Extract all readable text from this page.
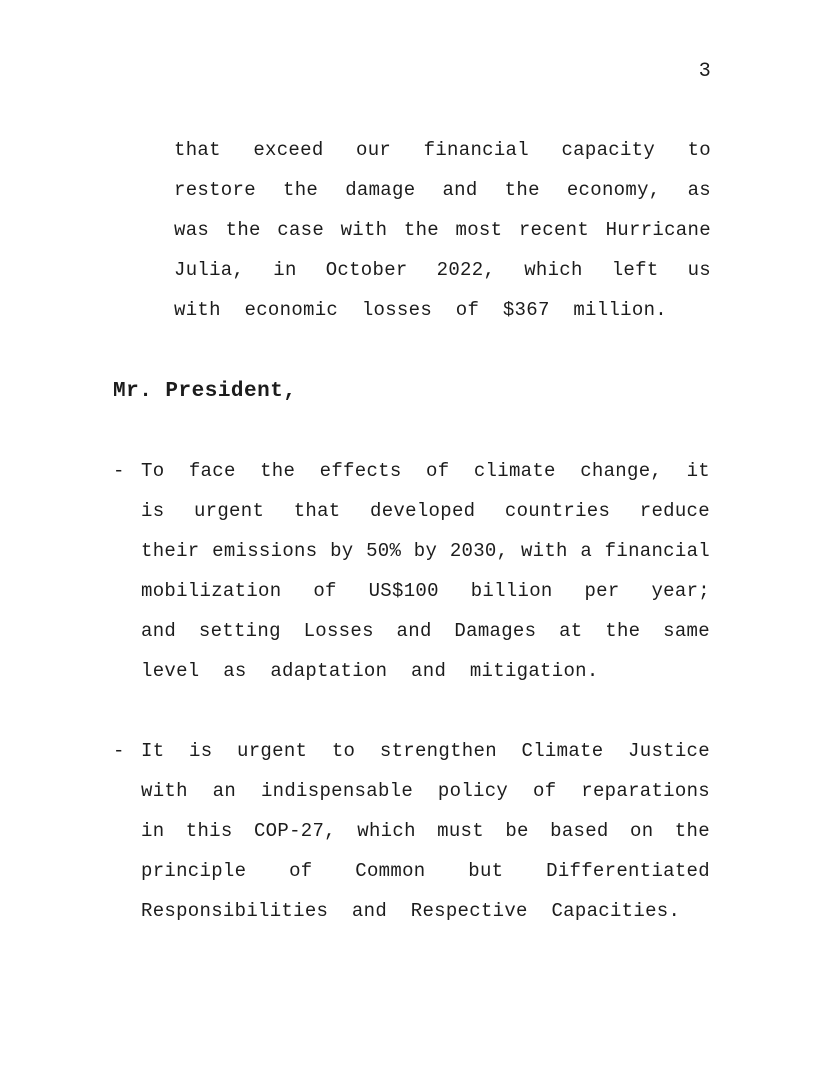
3
that exceed our financial capacity to
restore the damage and the economy, as
was the case with the most recent Hurricane
Julia, in October 2022, which left us
with economic losses of $367 million.
Mr. President,
- To face the effects of climate change, it
is urgent that developed countries reduce
their emissions by 50% by 2030, with a financial
mobilization of US$100 billion per year;
and setting Losses and Damages at the same
level as adaptation and mitigation.
- It is urgent to strengthen Climate Justice
with an indispensable policy of reparations
in this COP-27, which must be based on the
principle of Common but Differentiated
Responsibilities and Respective Capacities.
